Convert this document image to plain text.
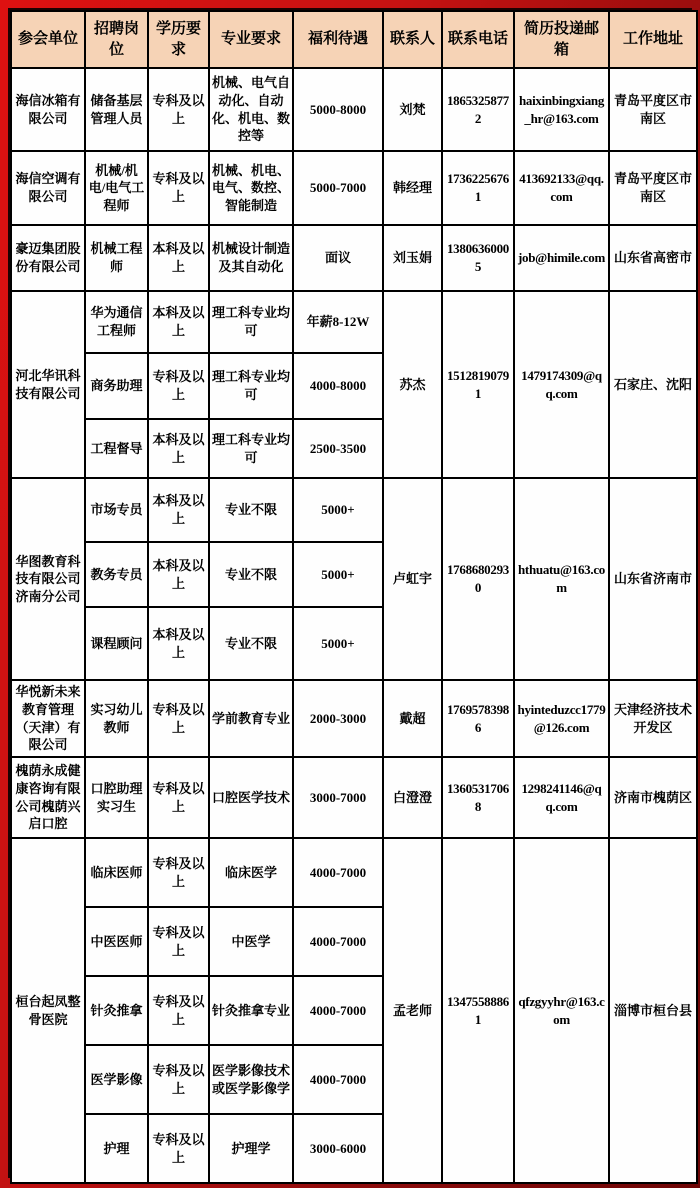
参会单位	招聘岗位	学历要求	专业要求	福利待遇	联系人	联系电话	简历投递邮箱	工作地址
海信冰箱有限公司	储备基层管理人员	专科及以上	机械、电气自动化、自动化、机电、数控等	5000-8000	刘梵	18653258772	haixinbingxiang_hr@163.com	青岛平度区市南区
海信空调有限公司	机械/机电/电气工程师	专科及以上	机械、机电、电气、数控、智能制造	5000-7000	韩经理	17362256761	413692133@qq.com	青岛平度区市南区
豪迈集团股份有限公司	机械工程师	本科及以上	机械设计制造及其自动化	面议	刘玉娟	13806360005	job@himile.com	山东省高密市
河北华讯科技有限公司	华为通信工程师	本科及以上	理工科专业均可	年薪8-12W	苏杰	15128190791	1479174309@qq.com	石家庄、沈阳
	商务助理	专科及以上	理工科专业均可	4000-8000				
	工程督导	本科及以上	理工科专业均可	2500-3500				
华图教育科技有限公司济南分公司	市场专员	本科及以上	专业不限	5000+	卢虹宇	17686802930	hthuatu@163.com	山东省济南市
	教务专员	本科及以上	专业不限	5000+				
	课程顾问	本科及以上	专业不限	5000+				
华悦新未来教育管理（天津）有限公司	实习幼儿教师	专科及以上	学前教育专业	2000-3000	戴超	17695783986	hyinteduzcc1779@126.com	天津经济技术开发区
槐荫永成健康咨询有限公司槐荫兴启口腔	口腔助理实习生	专科及以上	口腔医学技术	3000-7000	白澄澄	13605317068	1298241146@qq.com	济南市槐荫区
桓台起凤整骨医院	临床医师	专科及以上	临床医学	4000-7000	孟老师	13475588861	qfzgyyhr@163.com	淄博市桓台县
	中医医师	专科及以上	中医学	4000-7000				
	针灸推拿	专科及以上	针灸推拿专业	4000-7000				
	医学影像	专科及以上	医学影像技术或医学影像学	4000-7000				
	护理	专科及以上	护理学	3000-6000				
